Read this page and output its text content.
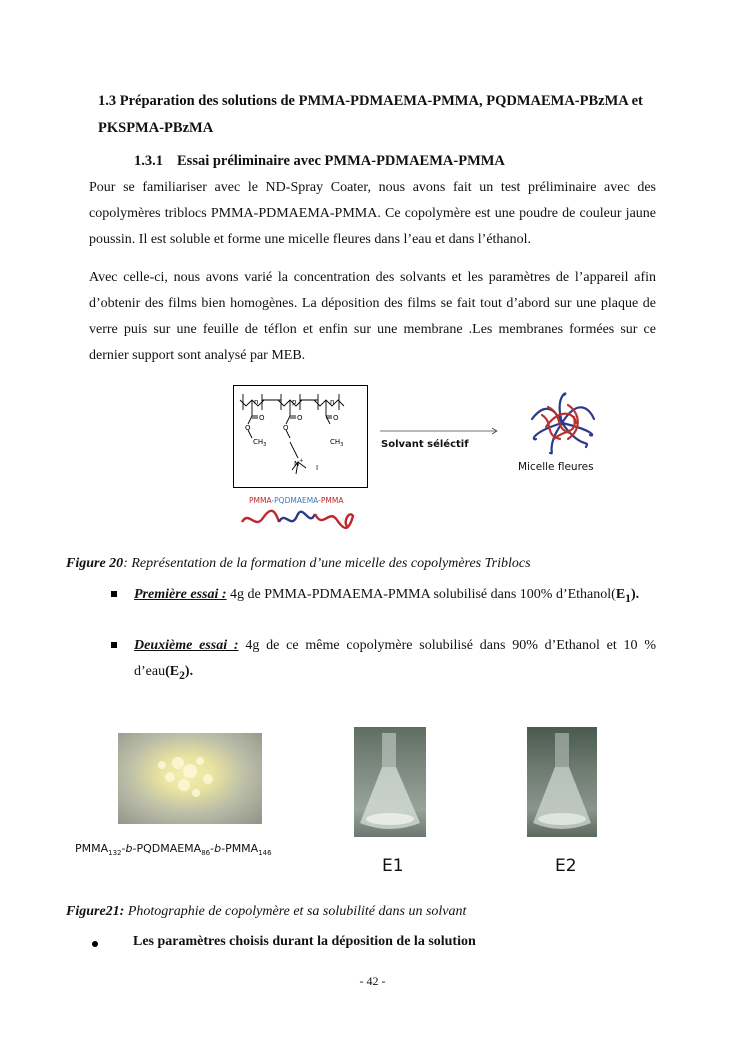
1.3 Préparation des solutions de PMMA-PDMAEMA-PMMA, PQDMAEMA-PBzMA et PKSPMA-PBzMA
1.3.1 Essai préliminaire avec PMMA-PDMAEMA-PMMA

Pour se familiariser avec le ND-Spray Coater, nous avons fait un test préliminaire avec des copolymères triblocs PMMA-PDMAEMA-PMMA. Ce copolymère est une poudre de couleur jaune poussin. Il est soluble et forme une micelle fleures dans l’eau et dans l’éthanol.

Avec celle-ci, nous avons varié la concentration des solvants et les paramètres de l’appareil afin d’obtenir des films bien homogènes. La déposition des films se fait tout d’abord sur une plaque de verre puis sur une feuille de téflon et enfin sur une membrane .Les membranes formées sur ce dernier support sont analysé par MEB.

n	p	n
O	O	O
O	O
$CH_3$	$CH_3$
N+
I
Solvant séléctif
Micelle fleures
PMMA-PQDMAEMA-PMMA
Figure 20: Représentation de la formation d’une micelle des copolymères Triblocs
Première essai : 4g de PMMA-PDMAEMA-PMMA solubilisé dans 100% $d’Ethanol(E_1)$.
Deuxième essai : 4g de ce même copolymère solubilisé dans 90% d’Ethanol et 10 % $d’eau(E_2)$.
$PMMA_{132}-b-PQDMAEMA_{86}-b-PMMA_{146}$
E1	E2
Figure21: Photographie de copolymère et sa solubilité dans un solvant
Les paramètres choisis durant la déposition de la solution
- 42 -
